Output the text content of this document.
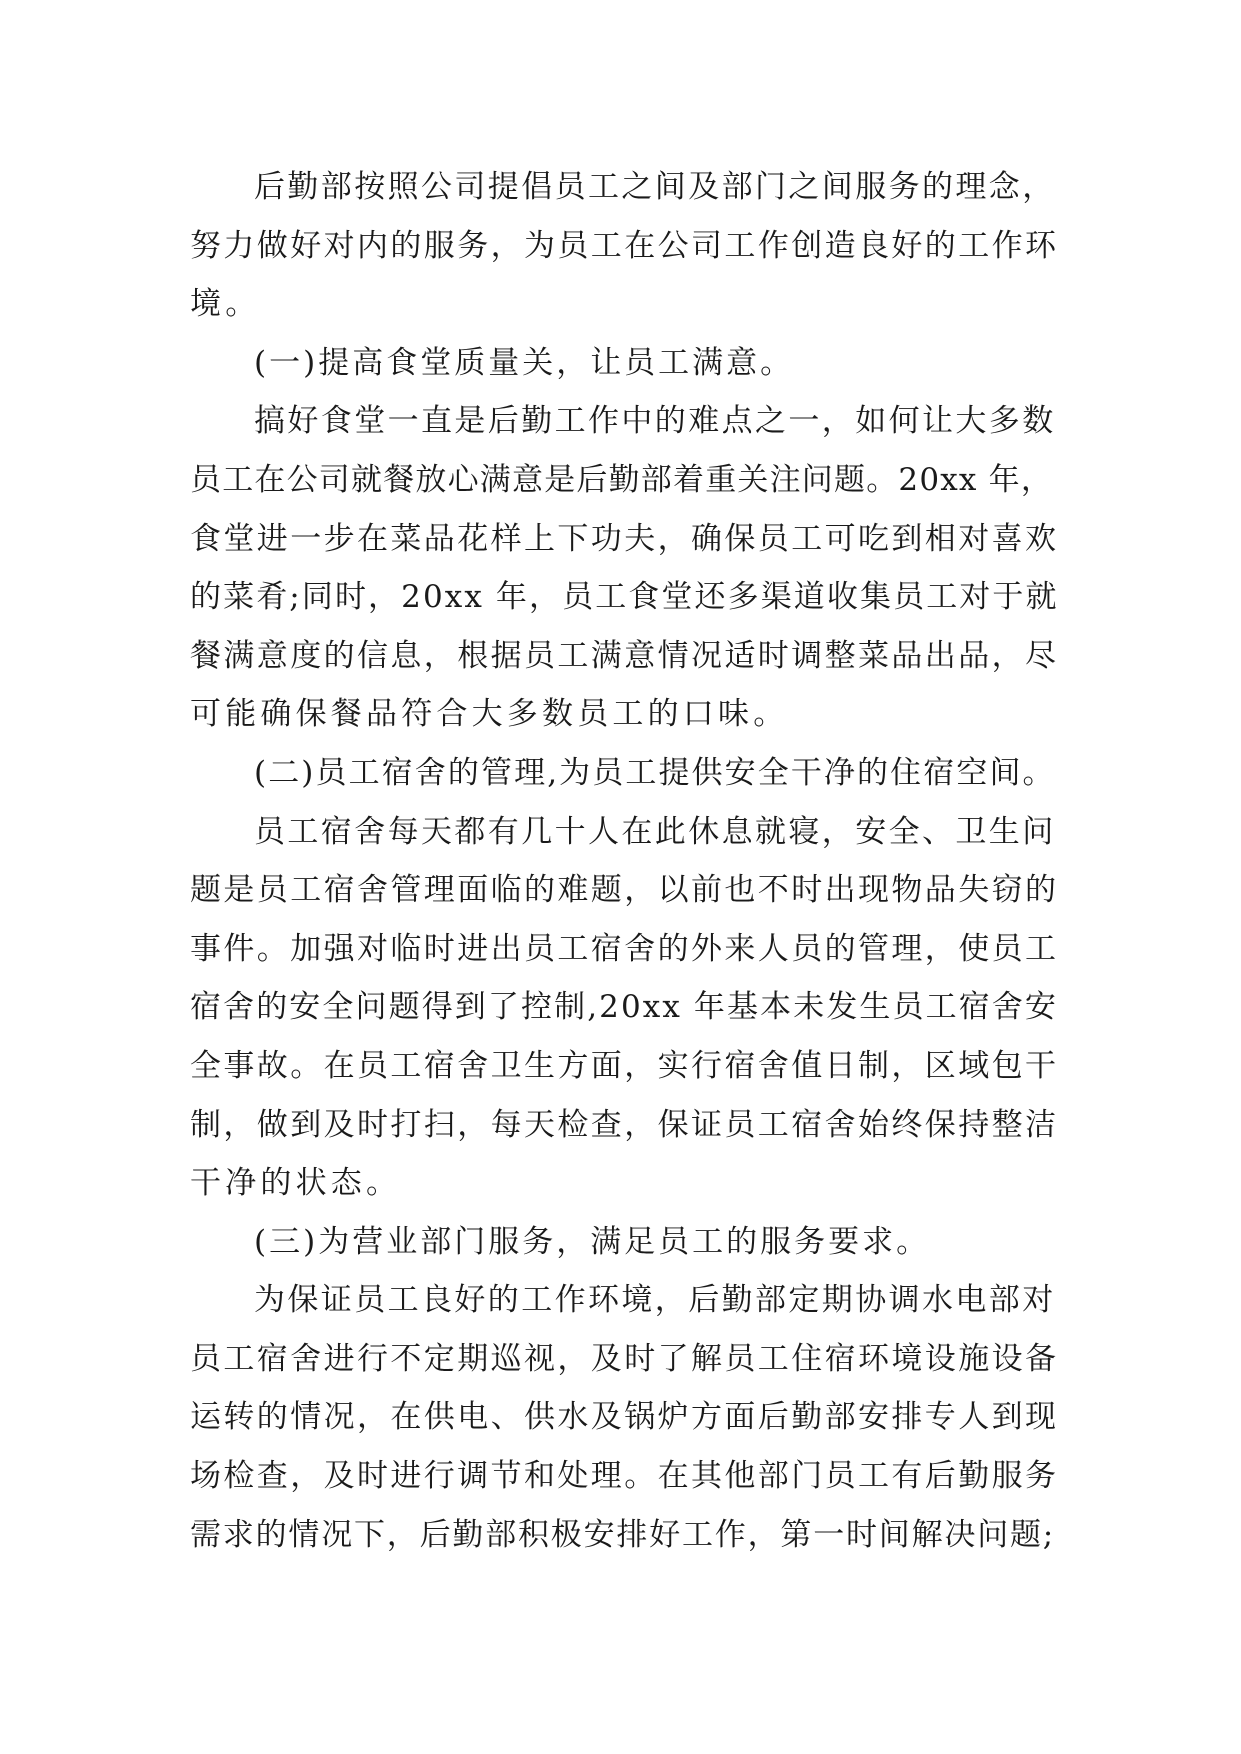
后勤部按照公司提倡员工之间及部门之间服务的理念，
努力做好对内的服务，为员工在公司工作创造良好的工作环
境。
(一)提高食堂质量关，让员工满意。
搞好食堂一直是后勤工作中的难点之一，如何让大多数
员工在公司就餐放心满意是后勤部着重关注问题。20xx 年，
食堂进一步在菜品花样上下功夫，确保员工可吃到相对喜欢
的菜肴;同时，20xx 年，员工食堂还多渠道收集员工对于就
餐满意度的信息，根据员工满意情况适时调整菜品出品，尽
可能确保餐品符合大多数员工的口味。
(二)员工宿舍的管理,为员工提供安全干净的住宿空间。
员工宿舍每天都有几十人在此休息就寝，安全、卫生问
题是员工宿舍管理面临的难题，以前也不时出现物品失窃的
事件。加强对临时进出员工宿舍的外来人员的管理，使员工
宿舍的安全问题得到了控制,20xx 年基本未发生员工宿舍安
全事故。在员工宿舍卫生方面，实行宿舍值日制，区域包干
制，做到及时打扫，每天检查，保证员工宿舍始终保持整洁
干净的状态。
(三)为营业部门服务，满足员工的服务要求。
为保证员工良好的工作环境，后勤部定期协调水电部对
员工宿舍进行不定期巡视，及时了解员工住宿环境设施设备
运转的情况，在供电、供水及锅炉方面后勤部安排专人到现
场检查，及时进行调节和处理。在其他部门员工有后勤服务
需求的情况下，后勤部积极安排好工作，第一时间解决问题;
